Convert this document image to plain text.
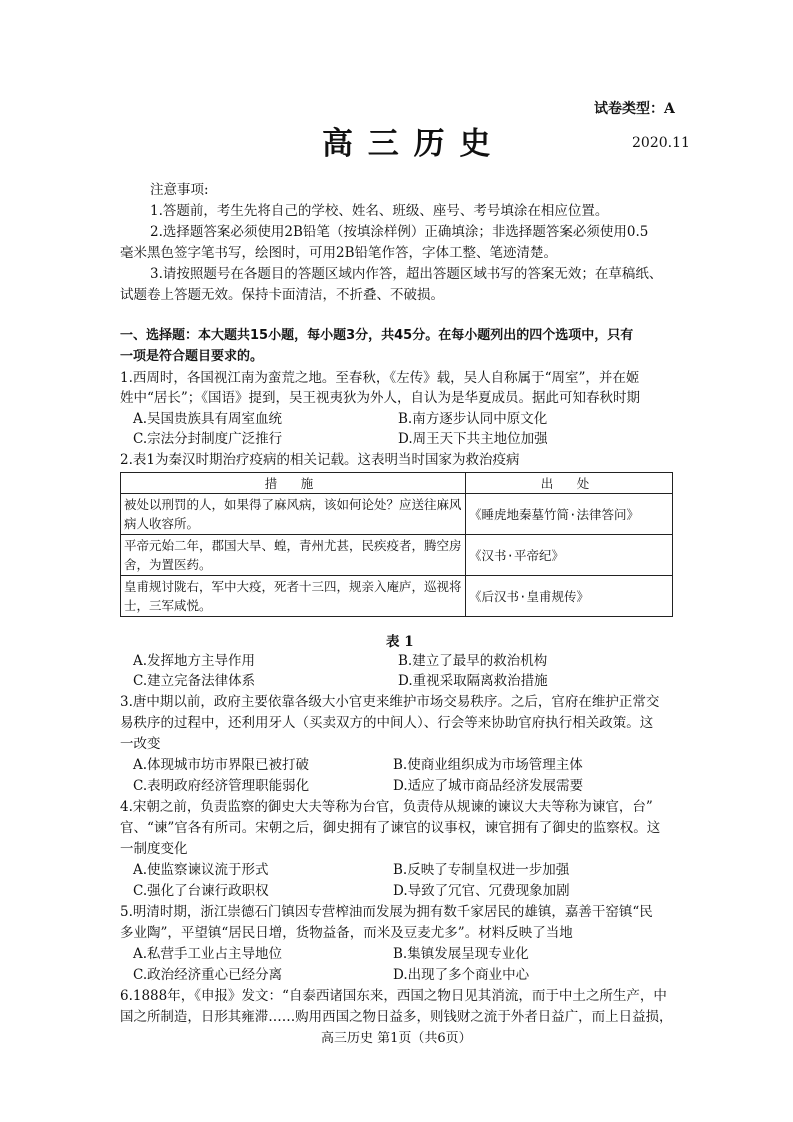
试卷类型：A
高 三 历 史	2020.11
注意事项:
1.答题前，考生先将自己的学校、姓名、班级、座号、考号填涂在相应位置。
2.选择题答案必须使用2B铅笔（按填涂样例）正确填涂；非选择题答案必须使用0.5
毫米黑色签字笔书写，绘图时，可用2B铅笔作答，字体工整、笔迹清楚。
3.请按照题号在各题目的答题区域内作答，超出答题区域书写的答案无效；在草稿纸、
试题卷上答题无效。保持卡面清洁，不折叠、不破损。
一、选择题：本大题共15小题，每小题3分，共45分。在每小题列出的四个选项中，只有
一项是符合题目要求的。
1.西周时，各国视江南为蛮荒之地。至春秋，《左传》载，吴人自称属于“周室”，并在姬
姓中“居长”；《国语》提到，吴王视夷狄为外人，自认为是华夏成员。据此可知春秋时期
A.吴国贵族具有周室血统	B.南方逐步认同中原文化
C.宗法分封制度广泛推行	D.周王天下共主地位加强
2.表1为秦汉时期治疗疫病的相关记载。这表明当时国家为救治疫病
措 施	出 处
被处以刑罚的人，如果得了麻风病，该如何论处？应送往麻风病人收容所。	《睡虎地秦墓竹简·法律答问》
平帝元始二年，郡国大旱、蝗，青州尤甚，民疾疫者，腾空房舍，为置医药。	《汉书·平帝纪》
皇甫规讨陇右，军中大疫，死者十三四，规亲入庵庐，巡视将士，三军咸悦。	《后汉书·皇甫规传》
表 1
A.发挥地方主导作用	B.建立了最早的救治机构
C.建立完备法律体系	D.重视采取隔离救治措施
3.唐中期以前，政府主要依靠各级大小官吏来维护市场交易秩序。之后，官府在维护正常交
易秩序的过程中，还利用牙人（买卖双方的中间人）、行会等来协助官府执行相关政策。这
一改变
A.体现城市坊市界限已被打破	B.使商业组织成为市场管理主体
C.表明政府经济管理职能弱化	D.适应了城市商品经济发展需要
4.宋朝之前，负责监察的御史大夫等称为台官，负责侍从规谏的谏议大夫等称为谏官，台”
官、“谏”官各有所司。宋朝之后，御史拥有了谏官的议事权，谏官拥有了御史的监察权。这
一制度变化
A.使监察谏议流于形式	B.反映了专制皇权进一步加强
C.强化了台谏行政职权	D.导致了冗官、冗费现象加剧
5.明清时期，浙江崇德石门镇因专营榨油而发展为拥有数千家居民的雄镇，嘉善干窑镇“民
多业陶”，平望镇“居民日增，货物益备，而米及豆麦尤多”。材料反映了当地
A.私营手工业占主导地位	B.集镇发展呈现专业化
C.政治经济重心已经分离	D.出现了多个商业中心
6.1888年，《申报》发文：“自泰西诸国东来，西国之物日见其消流，而于中土之所生产，中
国之所制造，日形其雍滞……购用西国之物日益多，则钱财之流于外者日益广，而上日益损，
高三历史 第1页（共6页）
